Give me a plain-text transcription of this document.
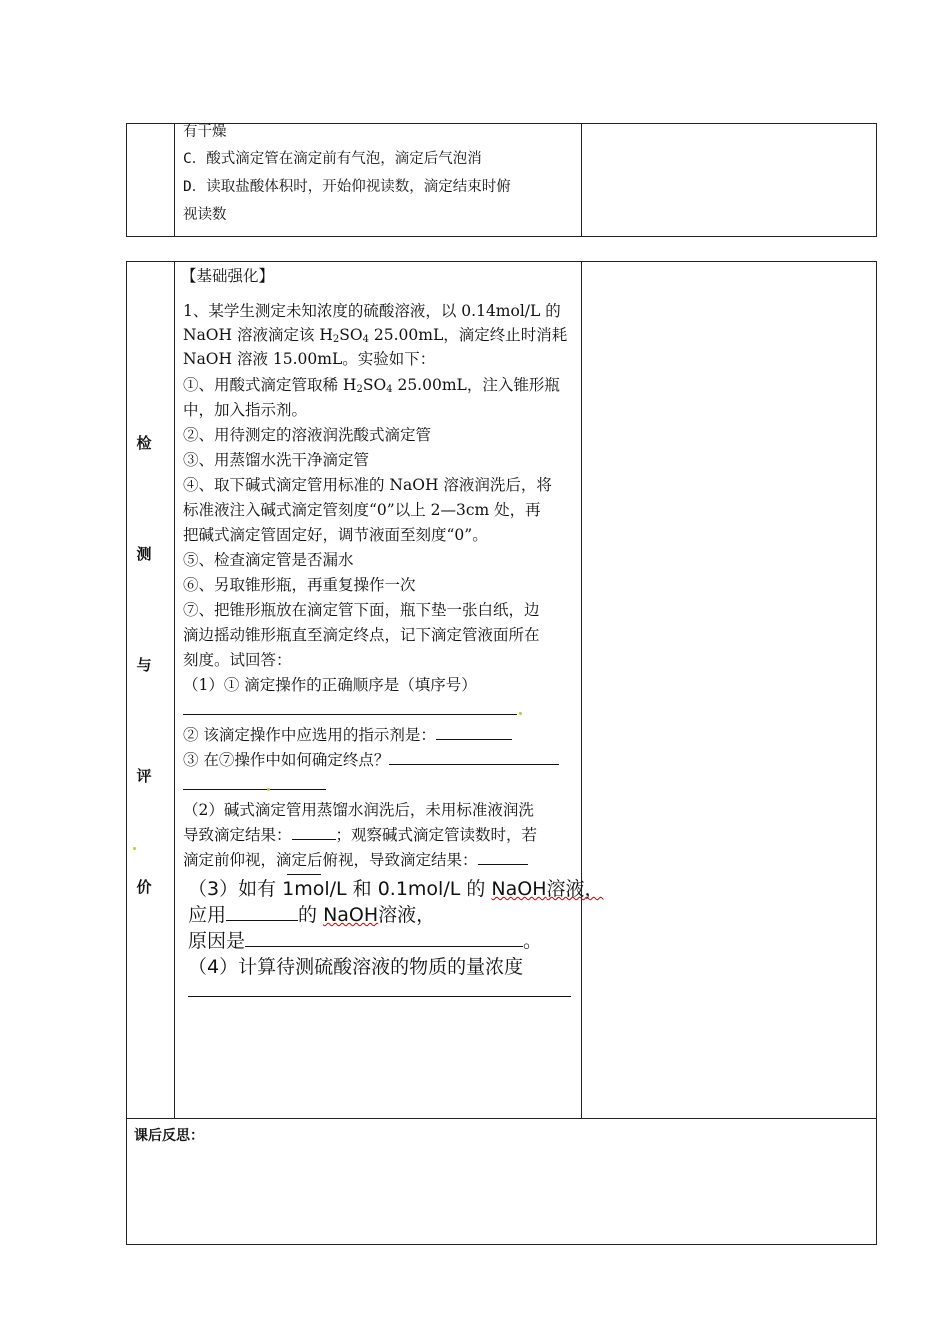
有干燥
C．酸式滴定管在滴定前有气泡，滴定后气泡消
D．读取盐酸体积时，开始仰视读数，滴定结束时俯
视读数
检
测
与
评
价
【基础强化】
1、某学生测定未知浓度的硫酸溶液，以 0.14mol/L 的
NaOH 溶液滴定该 $H_2SO_4$ 25.00mL，滴定终止时消耗
NaOH 溶液 15.00mL。实验如下：
①、用酸式滴定管取稀 $H_2SO_4$ 25.00mL，注入锥形瓶
中，加入指示剂。
②、用待测定的溶液润洗酸式滴定管
③、用蒸馏水洗干净滴定管
④、取下碱式滴定管用标准的 NaOH 溶液润洗后，将
标准液注入碱式滴定管刻度“0”以上 2—3cm 处，再
把碱式滴定管固定好，调节液面至刻度“0”。
⑤、检查滴定管是否漏水
⑥、另取锥形瓶，再重复操作一次
⑦、把锥形瓶放在滴定管下面，瓶下垫一张白纸，边
滴边摇动锥形瓶直至滴定终点，记下滴定管液面所在
刻度。试回答：
（1）① 滴定操作的正确顺序是（填序号）
② 该滴定操作中应选用的指示剂是：
③ 在⑦操作中如何确定终点？
（2）碱式滴定管用蒸馏水润洗后，未用标准液润洗
导致滴定结果：	；观察碱式滴定管读数时，若
滴定前仰视，滴定后俯视，导致滴定结果：
（3）如有 1mol/L 和 0.1mol/L 的 NaOH溶液，
应用	的 NaOH溶液，
原因是	。
（4）计算待测硫酸溶液的物质的量浓度
课后反思：
